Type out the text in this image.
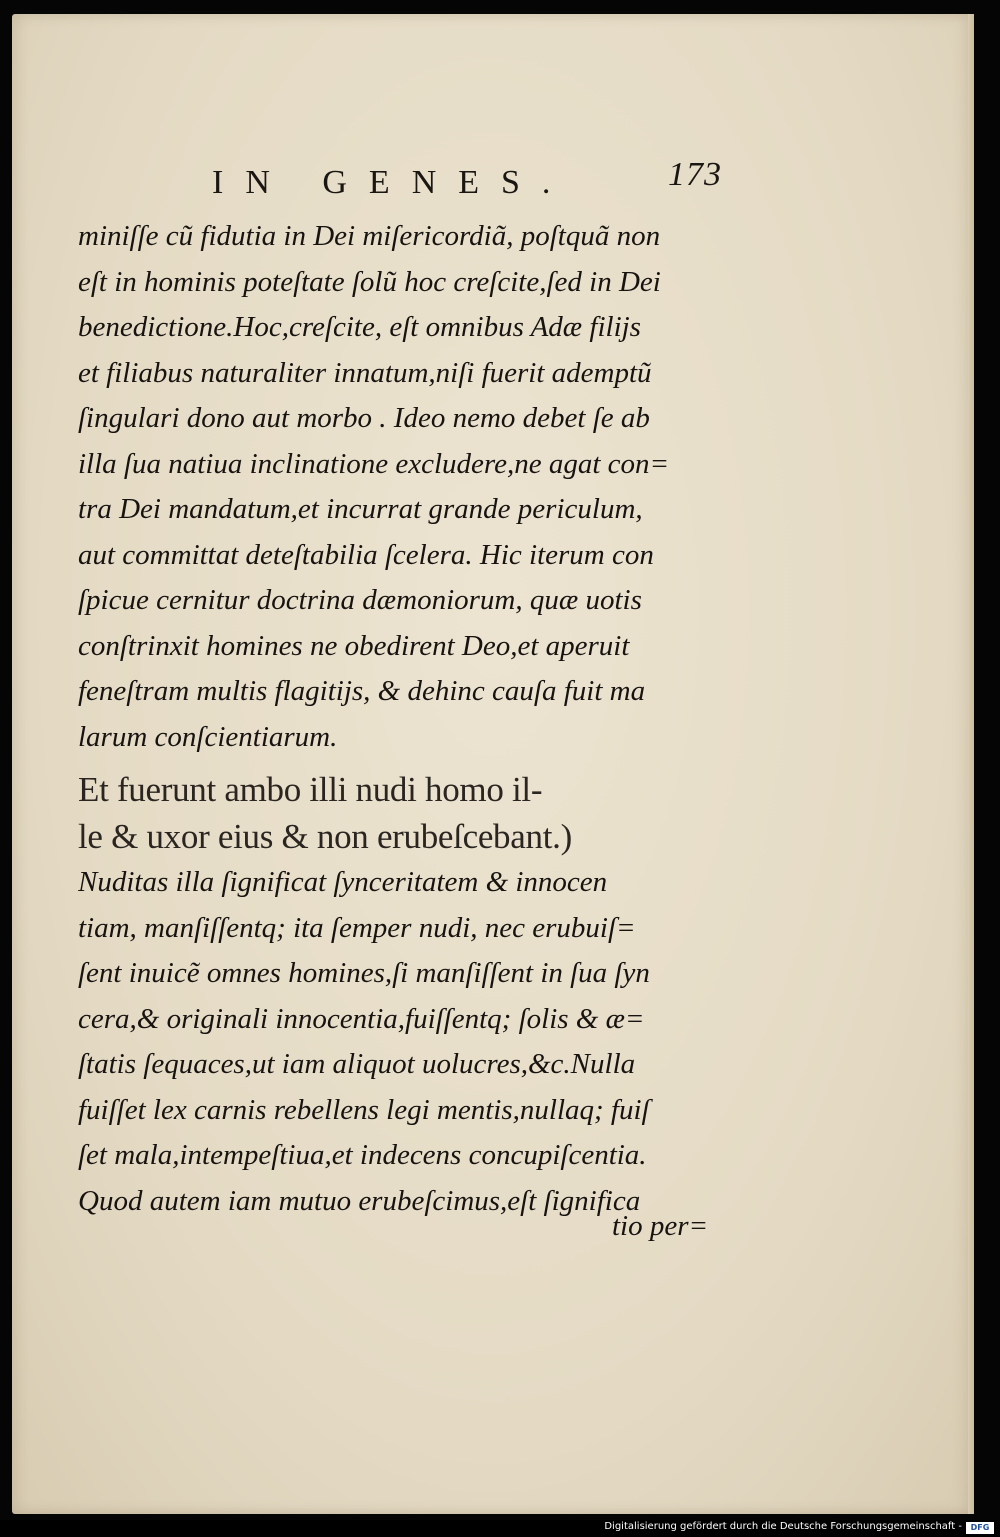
IN GENES.	173
miniſſe cũ fidutia in Dei miſericordiã, poſtquã non
eſt in hominis poteſtate ſolũ hoc creſcite,ſed in Dei
benedictione.Hoc,creſcite, eſt omnibus Adæ filijs
et filiabus naturaliter innatum,niſi fuerit ademptũ
ſingulari dono aut morbo . Ideo nemo debet ſe ab
illa ſua natiua inclinatione excludere,ne agat con=
tra Dei mandatum,et incurrat grande periculum,
aut committat deteſtabilia ſcelera. Hic iterum con
ſpicue cernitur doctrina dæmoniorum, quæ uotis
conſtrinxit homines ne obedirent Deo,et aperuit
feneſtram multis flagitijs, & dehinc cauſa fuit ma
larum conſcientiarum.
Et fuerunt ambo illi nudi homo il-
le & uxor eius & non erubeſcebant.)
Nuditas illa ſignificat ſynceritatem & innocen
tiam, manſiſſentq; ita ſemper nudi, nec erubuiſ=
ſent inuicẽ omnes homines,ſi manſiſſent in ſua ſyn
cera,& originali innocentia,fuiſſentq; ſolis & æ=
ſtatis ſequaces,ut iam aliquot uolucres,&c.Nulla
fuiſſet lex carnis rebellens legi mentis,nullaq; fuiſ
ſet mala,intempeſtiua,et indecens concupiſcentia.
Quod autem iam mutuo erubeſcimus,eſt ſignifica
tio per=
Digitalisierung gefördert durch die Deutsche Forschungsgemeinschaft -	DFG
